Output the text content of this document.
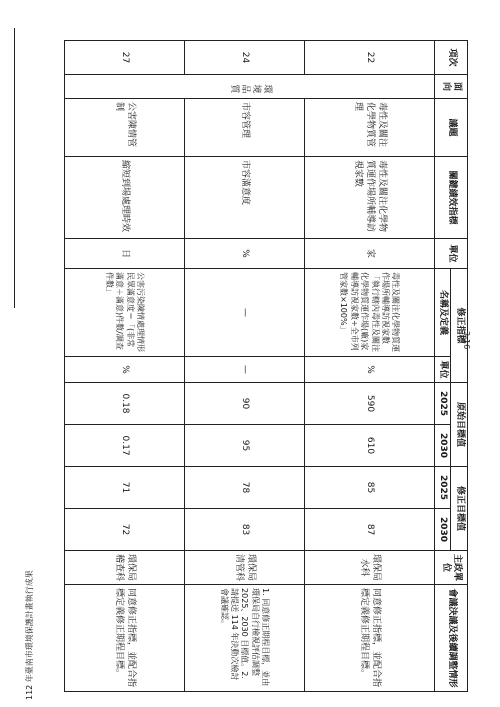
112 年臺南市環境保護計畫執行成果
3-16
項次	面向	議題	關鍵績效指標	單位	修正指標		原始目標值		修正目標值		主政單位	會議決議及後續調整情形
					名稱及定義	單位	2025	2030	2025	2030		
22	環境品質	毒性及關注化學物質管理	毒性及關注化學物質運作場所輔導訪視家數	家	毒性及關注化學物質運作場所輔導訪視家數「執行轄內毒性及關注化學物質運作場(廠)家輔導訪視家數÷全市列管家數×100%」	%	590	610	85	87	環保局水科	同意修正指標，並配合指標定義修正期程目標。
24		市容管理	市容滿意度	%	—	—	90	95	78	83	環保局清管科	1. 同意修正期程目標，並由環保局自行檢視評估調整 2025、2030 目標值。2. 請提送 114 年決動次檢討會議確認。
27		公害陳情管制	縮短到場處理時效	日	公害污染陳情處理情形民眾滿意度＝「(非常滿意＋滿意)件數/調查件數」	%	0.18	0.17	71	72	環保局稽查科	同意修正指標，並配合指標定義修正期程目標。
